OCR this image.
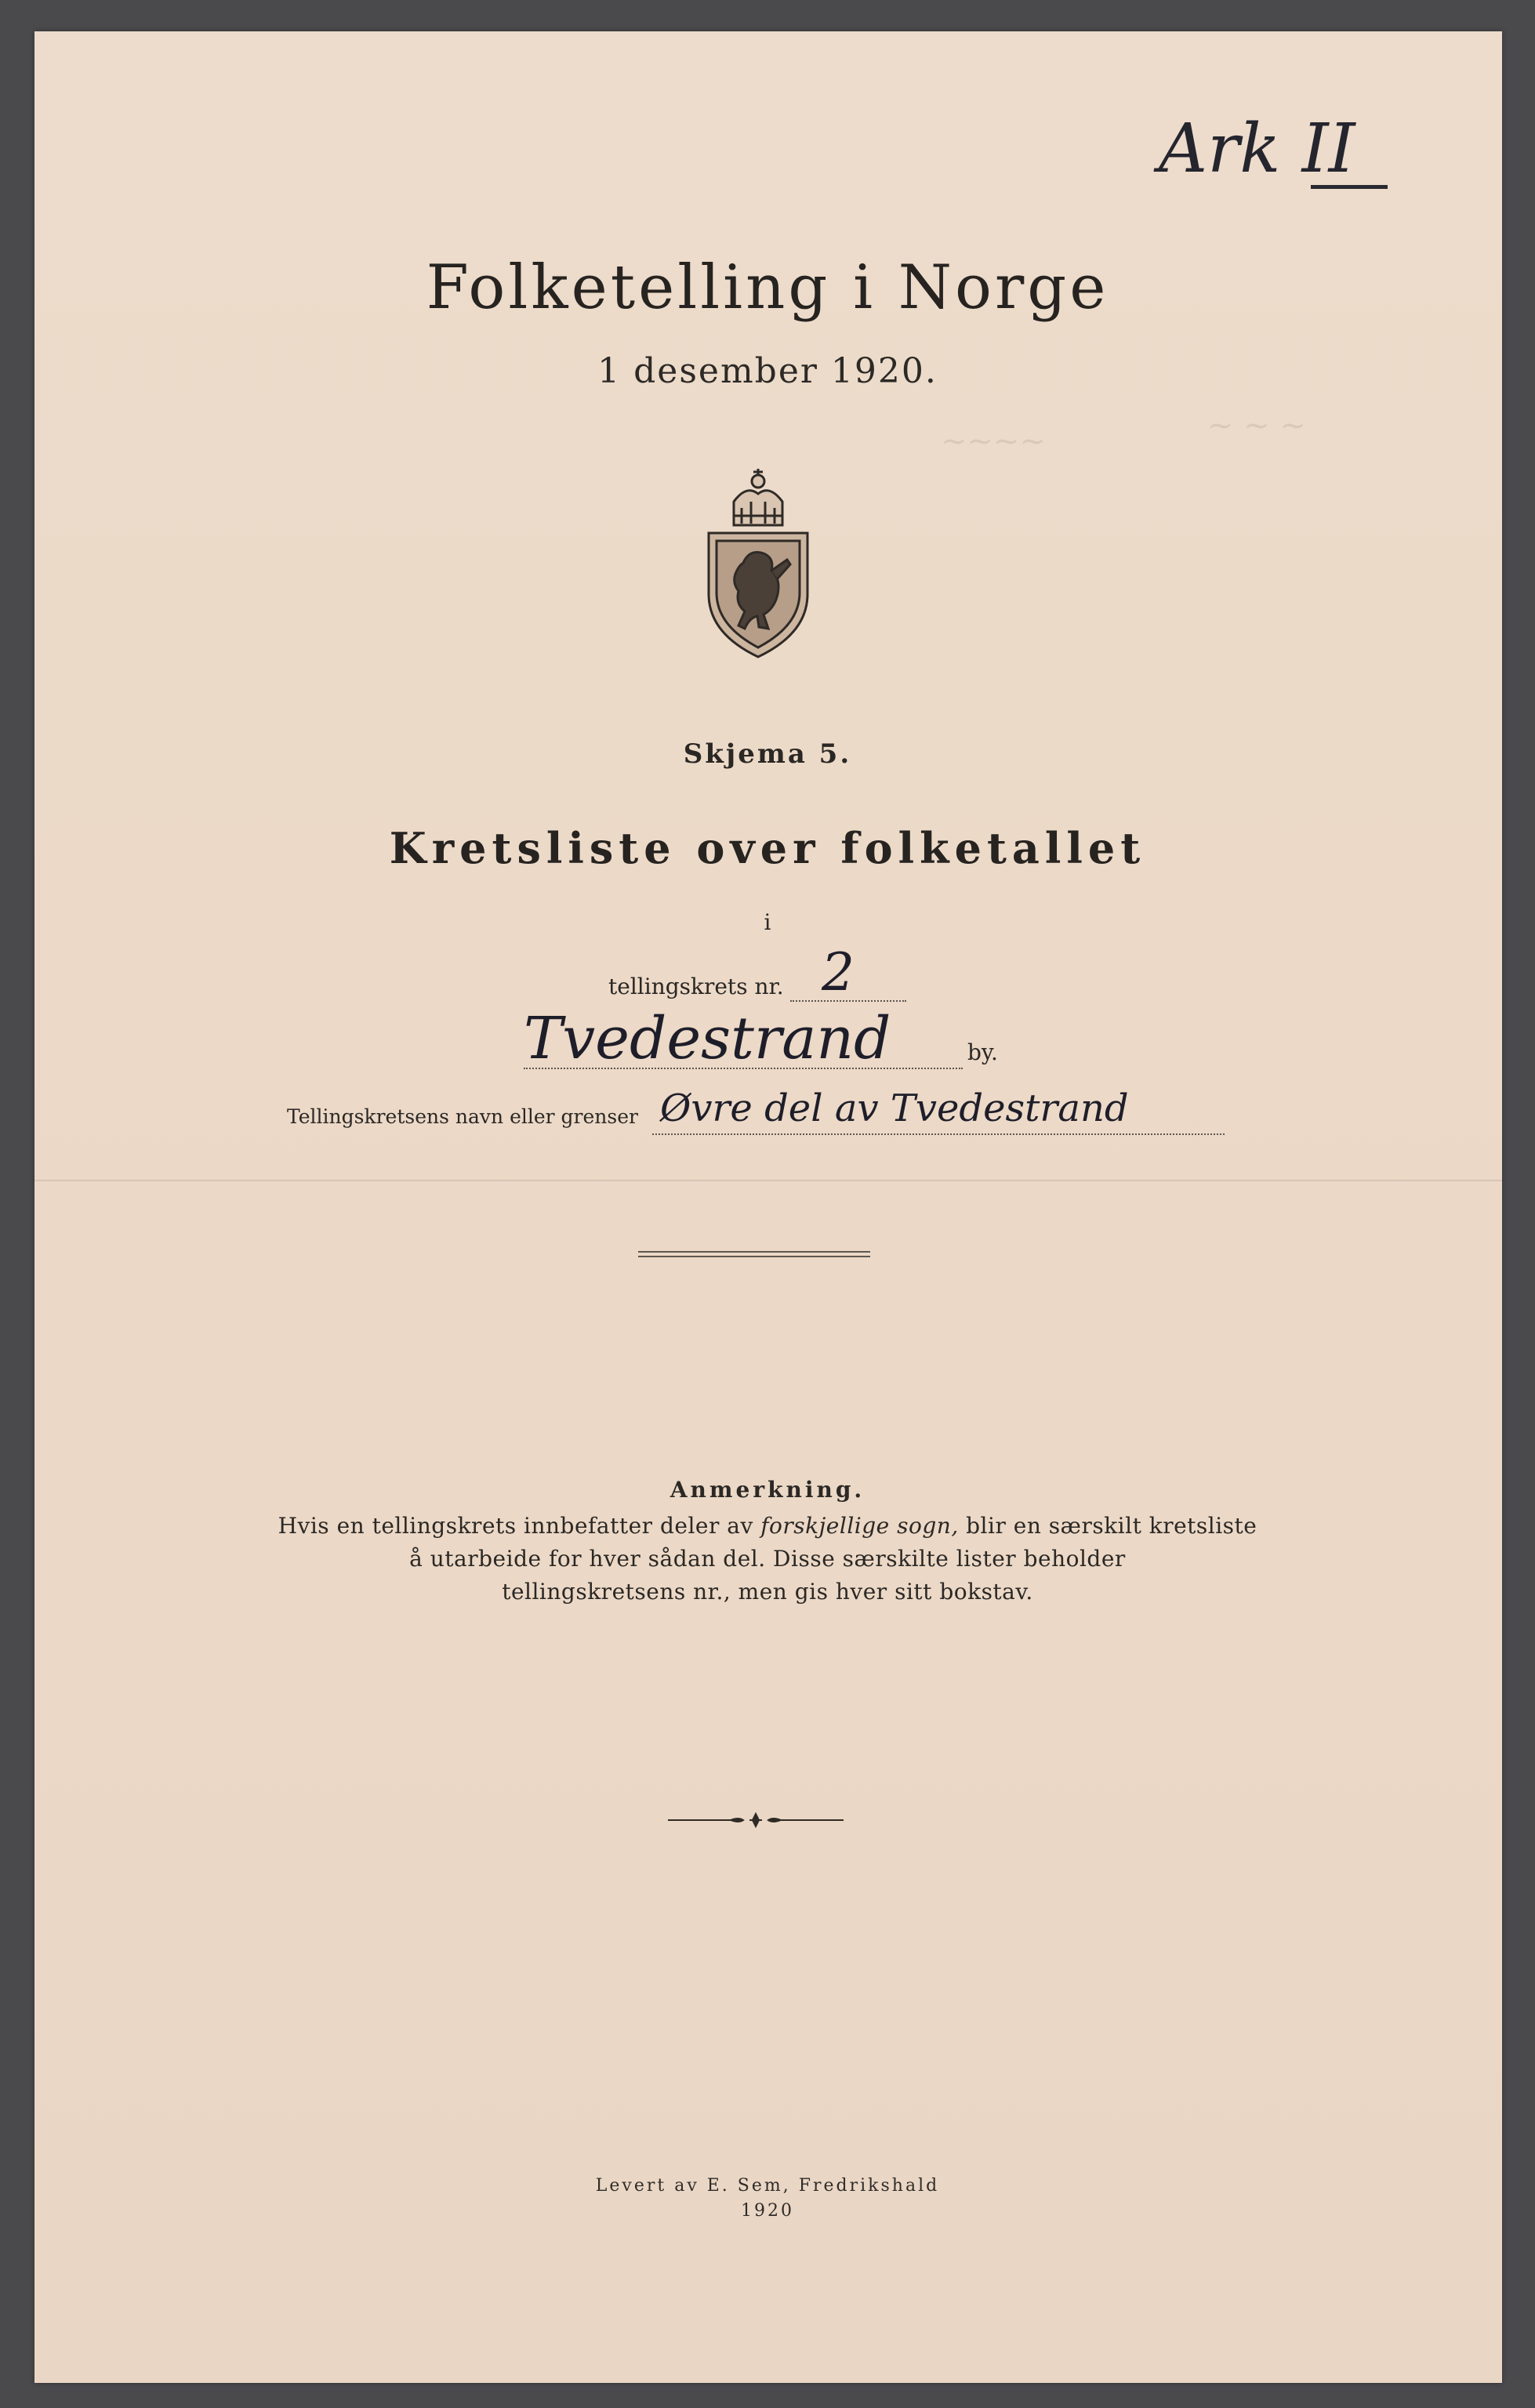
~ ~ ~
~~~~
Ark II
Folketelling i Norge
1 desember 1920.
Skjema 5.
Kretsliste over folketallet
i
tellingskrets nr. 2
Tvedestrand	by.
Tellingskretsens navn eller grenser Øvre del av Tvedestrand
Anmerkning.
Hvis en tellingskrets innbefatter deler av forskjellige sogn, blir en særskilt kretsliste
å utarbeide for hver sådan del. Disse særskilte lister beholder
tellingskretsens nr., men gis hver sitt bokstav.
Levert av E. Sem, Fredrikshald
1920
